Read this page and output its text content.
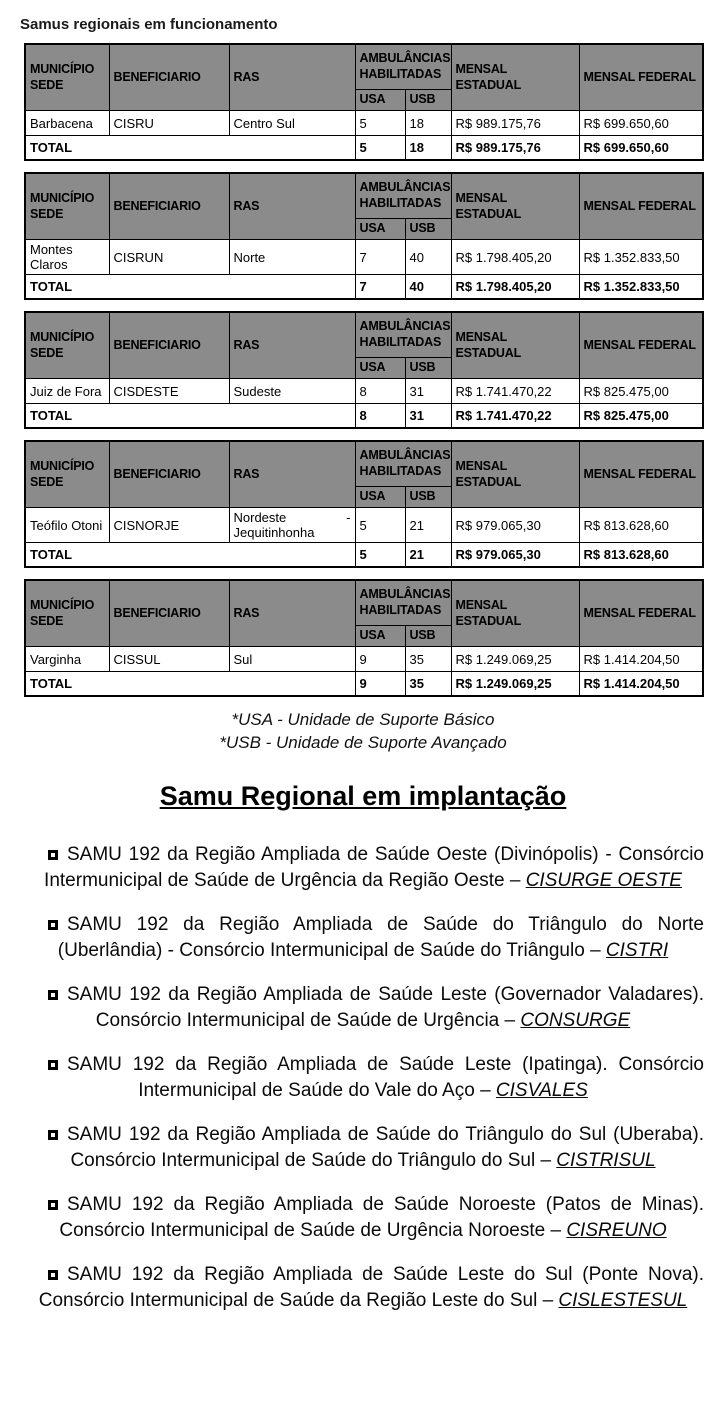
Samus regionais em funcionamento
MUNICÍPIO SEDE	BENEFICIARIO	RAS	AMBULÂNCIAS HABILITADAS		MENSAL ESTADUAL	MENSAL FEDERAL
			USA	USB		
Barbacena	CISRU	Centro Sul	5	18	R$ 989.175,76	R$ 699.650,60
TOTAL			5	18	R$ 989.175,76	R$ 699.650,60
MUNICÍPIO SEDE	BENEFICIARIO	RAS	AMBULÂNCIAS HABILITADAS		MENSAL ESTADUAL	MENSAL FEDERAL
			USA	USB		
Montes Claros	CISRUN	Norte	7	40	R$ 1.798.405,20	R$ 1.352.833,50
TOTAL			7	40	R$ 1.798.405,20	R$ 1.352.833,50
MUNICÍPIO SEDE	BENEFICIARIO	RAS	AMBULÂNCIAS HABILITADAS		MENSAL ESTADUAL	MENSAL FEDERAL
			USA	USB		
Juiz de Fora	CISDESTE	Sudeste	8	31	R$ 1.741.470,22	R$ 825.475,00
TOTAL			8	31	R$ 1.741.470,22	R$ 825.475,00
MUNICÍPIO SEDE	BENEFICIARIO	RAS	AMBULÂNCIAS HABILITADAS		MENSAL ESTADUAL	MENSAL FEDERAL
			USA	USB		
Teófilo Otoni	CISNORJE	Nordeste - Jequitinhonha	5	21	R$ 979.065,30	R$ 813.628,60
TOTAL			5	21	R$ 979.065,30	R$ 813.628,60
MUNICÍPIO SEDE	BENEFICIARIO	RAS	AMBULÂNCIAS HABILITADAS		MENSAL ESTADUAL	MENSAL FEDERAL
			USA	USB		
Varginha	CISSUL	Sul	9	35	R$ 1.249.069,25	R$ 1.414.204,50
TOTAL			9	35	R$ 1.249.069,25	R$ 1.414.204,50
*USA - Unidade de Suporte Básico
*USB - Unidade de Suporte Avançado
Samu Regional em implantação

SAMU 192 da Região Ampliada de Saúde Oeste (Divinópolis) - Consórcio Intermunicipal de Saúde de Urgência da Região Oeste – CISURGE OESTE

SAMU 192 da Região Ampliada de Saúde do Triângulo do Norte (Uberlândia) - Consórcio Intermunicipal de Saúde do Triângulo – CISTRI

SAMU 192 da Região Ampliada de Saúde Leste (Governador Valadares). Consórcio Intermunicipal de Saúde de Urgência – CONSURGE

SAMU 192 da Região Ampliada de Saúde Leste (Ipatinga). Consórcio Intermunicipal de Saúde do Vale do Aço – CISVALES

SAMU 192 da Região Ampliada de Saúde do Triângulo do Sul (Uberaba). Consórcio Intermunicipal de Saúde do Triângulo do Sul – CISTRISUL

SAMU 192 da Região Ampliada de Saúde Noroeste (Patos de Minas). Consórcio Intermunicipal de Saúde de Urgência Noroeste – CISREUNO

SAMU 192 da Região Ampliada de Saúde Leste do Sul (Ponte Nova). Consórcio Intermunicipal de Saúde da Região Leste do Sul – CISLESTESUL
